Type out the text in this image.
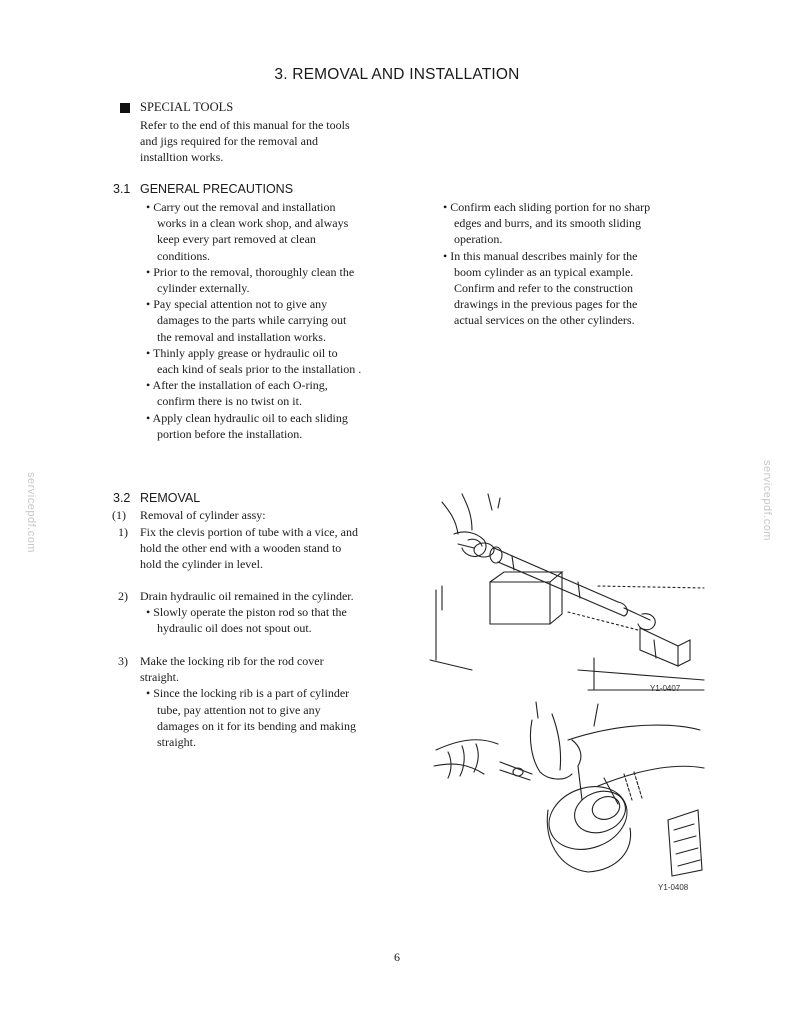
3. REMOVAL AND INSTALLATION
SPECIAL TOOLS
Refer to the end of this manual for the tools
and jigs required for the removal and
installtion works.
3.1 GENERAL PRECAUTIONS
• Carry out the removal and installation
works in a clean work shop, and always
keep every part removed at clean
conditions.
• Prior to the removal, thoroughly clean the
cylinder externally.
• Pay special attention not to give any
damages to the parts while carrying out
the removal and installation works.
• Thinly apply grease or hydraulic oil to
each kind of seals prior to the installation .
• After the installation of each O-ring,
confirm there is no twist on it.
• Apply clean hydraulic oil to each sliding
portion before the installation.
• Confirm each sliding portion for no sharp
edges and burrs, and its smooth sliding
operation.
• In this manual describes mainly for the
boom cylinder as an typical example.
Confirm and refer to the construction
drawings in the previous pages for the
actual services on the other cylinders.
servicepdf.com	servicepdf.com
3.2 REMOVAL
(1) Removal of cylinder assy:
1) Fix the clevis portion of tube with a vice, and
hold the other end with a wooden stand to
hold the cylinder in level.
2) Drain hydraulic oil remained in the cylinder.
• Slowly operate the piston rod so that the
hydraulic oil does not spout out.
3) Make the locking rib for the rod cover
straight.
• Since the locking rib is a part of cylinder
tube, pay attention not to give any
damages on it for its bending and making
straight.
Y1-0407
Y1-0408
6
